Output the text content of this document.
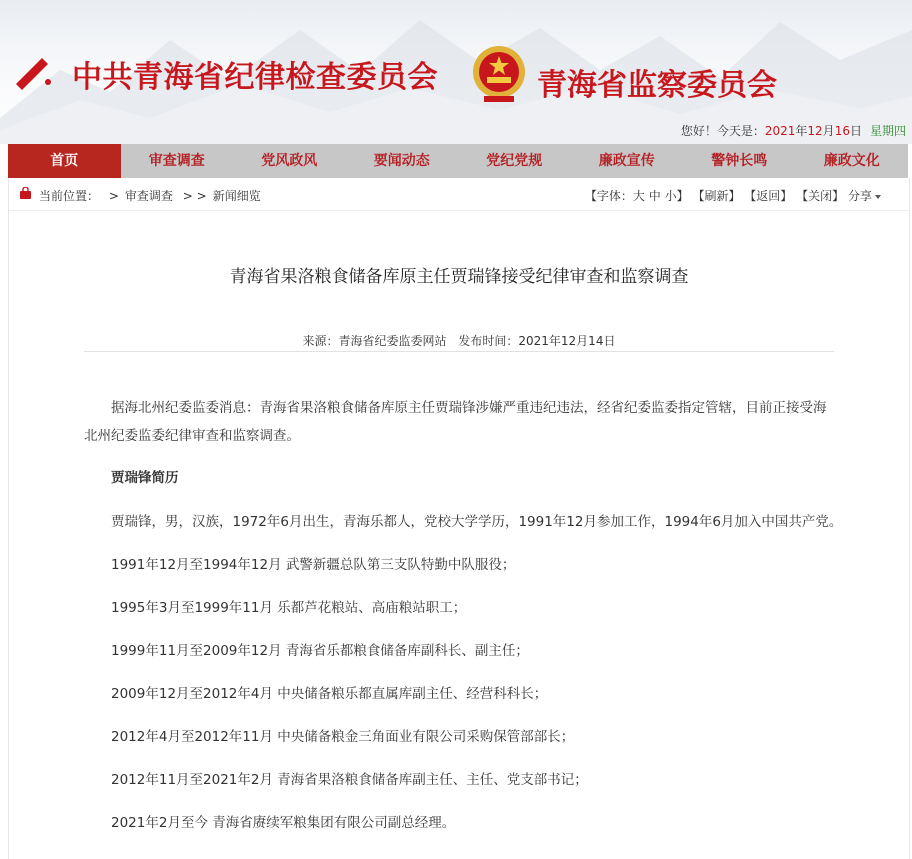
中共青海省纪律检查委员会	青海省监察委员会
您好！今天是：2021年12月16日 星期四
首页	审查调查	党风政风	要闻动态	党纪党规	廉政宣传	警钟长鸣	廉政文化
当前位置： > 审查调查 > > 新闻细览	【字体：大 中 小】 【刷新】 【返回】 【关闭】 分享
青海省果洛粮食储备库原主任贾瑞锋接受纪律审查和监察调查
来源：青海省纪委监委网站 发布时间：2021年12月14日

据海北州纪委监委消息：青海省果洛粮食储备库原主任贾瑞锋涉嫌严重违纪违法，经省纪委监委指定管辖，目前正接受海北州纪委监委纪律审查和监察调查。

贾瑞锋简历

贾瑞锋，男，汉族，1972年6月出生，青海乐都人，党校大学学历，1991年12月参加工作，1994年6月加入中国共产党。

1991年12月至1994年12月 武警新疆总队第三支队特勤中队服役；

1995年3月至1999年11月 乐都芦花粮站、高庙粮站职工；

1999年11月至2009年12月 青海省乐都粮食储备库副科长、副主任；

2009年12月至2012年4月 中央储备粮乐都直属库副主任、经营科科长；

2012年4月至2012年11月 中央储备粮金三角面业有限公司采购保管部部长；

2012年11月至2021年2月 青海省果洛粮食储备库副主任、主任、党支部书记；

2021年2月至今 青海省赓续军粮集团有限公司副总经理。
